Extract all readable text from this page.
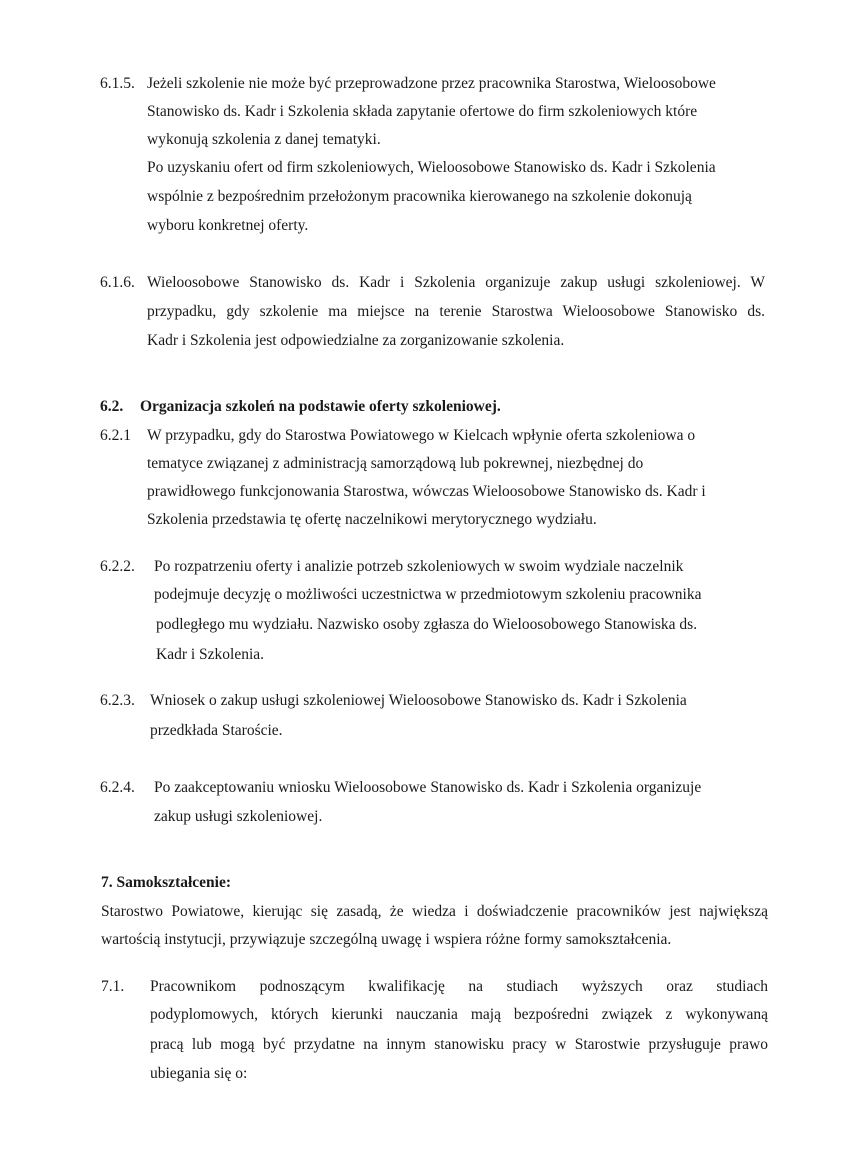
6.1.5. Jeżeli szkolenie nie może być przeprowadzone przez pracownika Starostwa, Wieloosobowe
Stanowisko ds. Kadr i Szkolenia składa zapytanie ofertowe do firm szkoleniowych które
wykonują szkolenia z danej tematyki.
Po uzyskaniu ofert od firm szkoleniowych, Wieloosobowe Stanowisko ds. Kadr i Szkolenia
wspólnie z bezpośrednim przełożonym pracownika kierowanego na szkolenie dokonują
wyboru konkretnej oferty.
6.1.6. Wieloosobowe Stanowisko ds. Kadr i Szkolenia organizuje zakup usługi szkoleniowej. W
przypadku, gdy szkolenie ma miejsce na terenie Starostwa Wieloosobowe Stanowisko ds.
Kadr i Szkolenia jest odpowiedzialne za zorganizowanie szkolenia.
6.2. Organizacja szkoleń na podstawie oferty szkoleniowej.
6.2.1 W przypadku, gdy do Starostwa Powiatowego w Kielcach wpłynie oferta szkoleniowa o
tematyce związanej z administracją samorządową lub pokrewnej, niezbędnej do
prawidłowego funkcjonowania Starostwa, wówczas Wieloosobowe Stanowisko ds. Kadr i
Szkolenia przedstawia tę ofertę naczelnikowi merytorycznego wydziału.
6.2.2. Po rozpatrzeniu oferty i analizie potrzeb szkoleniowych w swoim wydziale naczelnik
podejmuje decyzję o możliwości uczestnictwa w przedmiotowym szkoleniu pracownika
podległego mu wydziału. Nazwisko osoby zgłasza do Wieloosobowego Stanowiska ds.
Kadr i Szkolenia.
6.2.3. Wniosek o zakup usługi szkoleniowej Wieloosobowe Stanowisko ds. Kadr i Szkolenia
przedkłada Staroście.
6.2.4. Po zaakceptowaniu wniosku Wieloosobowe Stanowisko ds. Kadr i Szkolenia organizuje
zakup usługi szkoleniowej.
7. Samokształcenie:
Starostwo Powiatowe, kierując się zasadą, że wiedza i doświadczenie pracowników jest największą
wartością instytucji, przywiązuje szczególną uwagę i wspiera różne formy samokształcenia.
7.1. Pracownikom podnoszącym kwalifikację na studiach wyższych oraz studiach
podyplomowych, których kierunki nauczania mają bezpośredni związek z wykonywaną
pracą lub mogą być przydatne na innym stanowisku pracy w Starostwie przysługuje prawo
ubiegania się o:
